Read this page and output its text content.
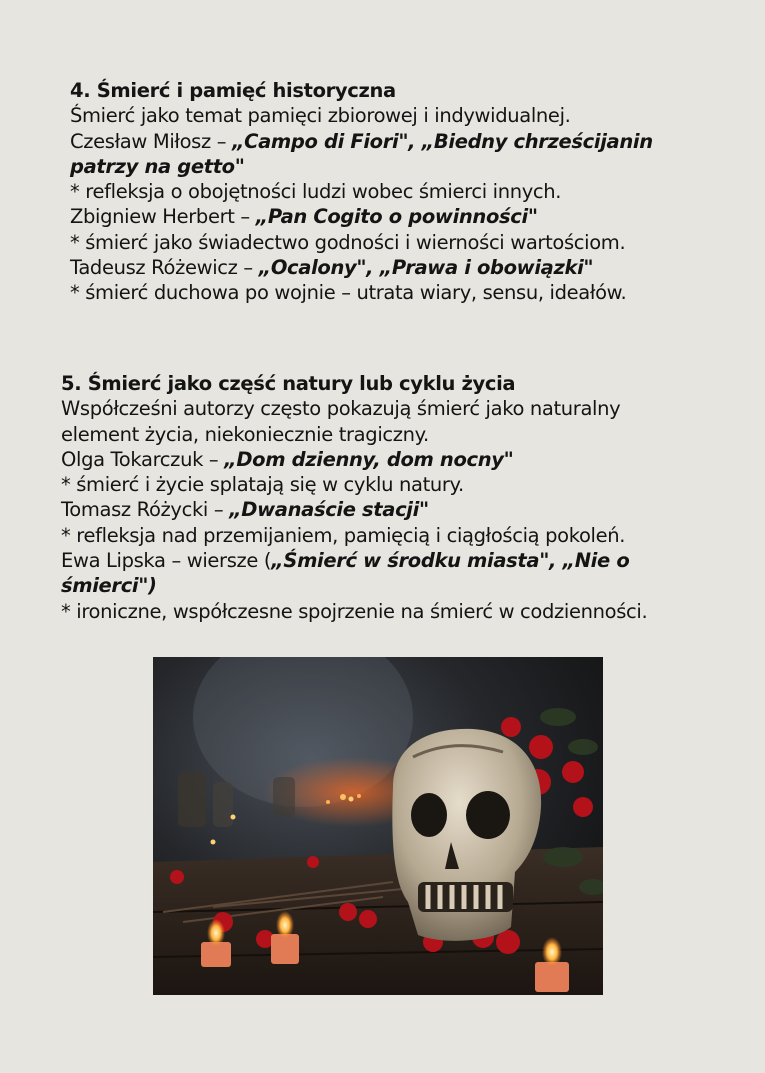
4. Śmierć i pamięć historyczna
Śmierć jako temat pamięci zbiorowej i indywidualnej.
Czesław Miłosz – „Campo di Fiori", „Biedny chrześcijanin patrzy na getto"
* refleksja o obojętności ludzi wobec śmierci innych.
Zbigniew Herbert – „Pan Cogito o powinności"
* śmierć jako świadectwo godności i wierności wartościom.
Tadeusz Różewicz – „Ocalony", „Prawa i obowiązki"
* śmierć duchowa po wojnie – utrata wiary, sensu, ideałów.
5. Śmierć jako część natury lub cyklu życia
Współcześni autorzy często pokazują śmierć jako naturalny
element życia, niekoniecznie tragiczny.
Olga Tokarczuk – „Dom dzienny, dom nocny"
* śmierć i życie splatają się w cyklu natury.
Tomasz Różycki – „Dwanaście stacji"
* refleksja nad przemijaniem, pamięcią i ciągłością pokoleń.
Ewa Lipska – wiersze („Śmierć w środku miasta", „Nie o śmierci")
* ironiczne, współczesne spojrzenie na śmierć w codzienności.
